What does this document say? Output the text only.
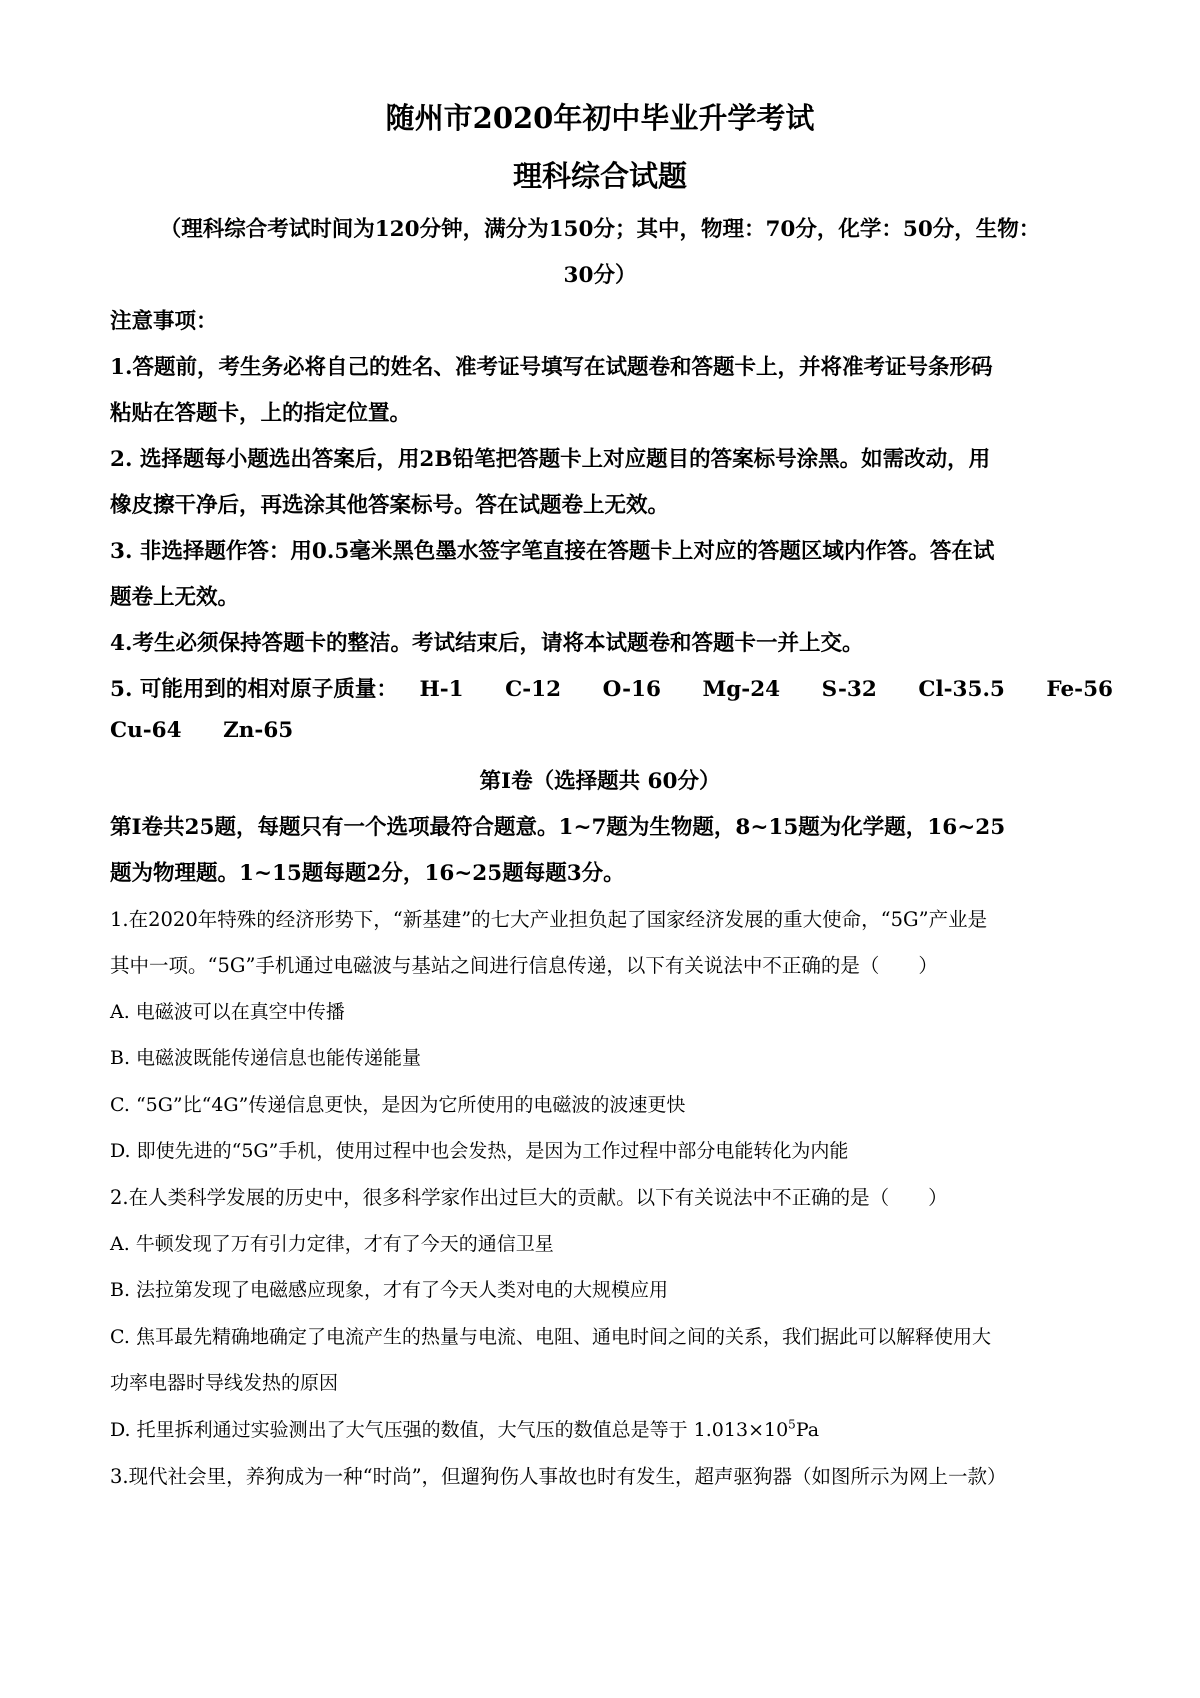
随州市2020年初中毕业升学考试
理科综合试题
（理科综合考试时间为120分钟，满分为150分；其中，物理：70分，化学：50分，生物：
30分）
注意事项：
1.答题前，考生务必将自己的姓名、准考证号填写在试题卷和答题卡上，并将准考证号条形码
粘贴在答题卡，上的指定位置。
2. 选择题每小题选出答案后，用2B铅笔把答题卡上对应题目的答案标号涂黑。如需改动，用
橡皮擦干净后，再选涂其他答案标号。答在试题卷上无效。
3. 非选择题作答：用0.5毫米黑色墨水签字笔直接在答题卡上对应的答题区域内作答。答在试
题卷上无效。
4.考生必须保持答题卡的整洁。考试结束后，请将本试题卷和答题卡一并上交。
5. 可能用到的相对原子质量： H-1 C-12 O-16 Mg-24 S-32 Cl-35.5 Fe-56
Cu-64 Zn-65
第I卷（选择题共 60分）
第I卷共25题，每题只有一个选项最符合题意。1~7题为生物题，8~15题为化学题，16~25
题为物理题。1~15题每题2分，16~25题每题3分。
1.在2020年特殊的经济形势下，“新基建”的七大产业担负起了国家经济发展的重大使命，“5G”产业是
其中一项。“5G”手机通过电磁波与基站之间进行信息传递，以下有关说法中不正确的是（　　）
A. 电磁波可以在真空中传播
B. 电磁波既能传递信息也能传递能量
C. “5G”比“4G”传递信息更快，是因为它所使用的电磁波的波速更快
D. 即使先进的“5G”手机，使用过程中也会发热，是因为工作过程中部分电能转化为内能
2.在人类科学发展的历史中，很多科学家作出过巨大的贡献。以下有关说法中不正确的是（　　）
A. 牛顿发现了万有引力定律，才有了今天的通信卫星
B. 法拉第发现了电磁感应现象，才有了今天人类对电的大规模应用
C. 焦耳最先精确地确定了电流产生的热量与电流、电阻、通电时间之间的关系，我们据此可以解释使用大
功率电器时导线发热的原因
D. 托里拆利通过实验测出了大气压强的数值，大气压的数值总是等于 $1.013\times 10^5Pa$
3.现代社会里，养狗成为一种“时尚”，但遛狗伤人事故也时有发生，超声驱狗器（如图所示为网上一款）
